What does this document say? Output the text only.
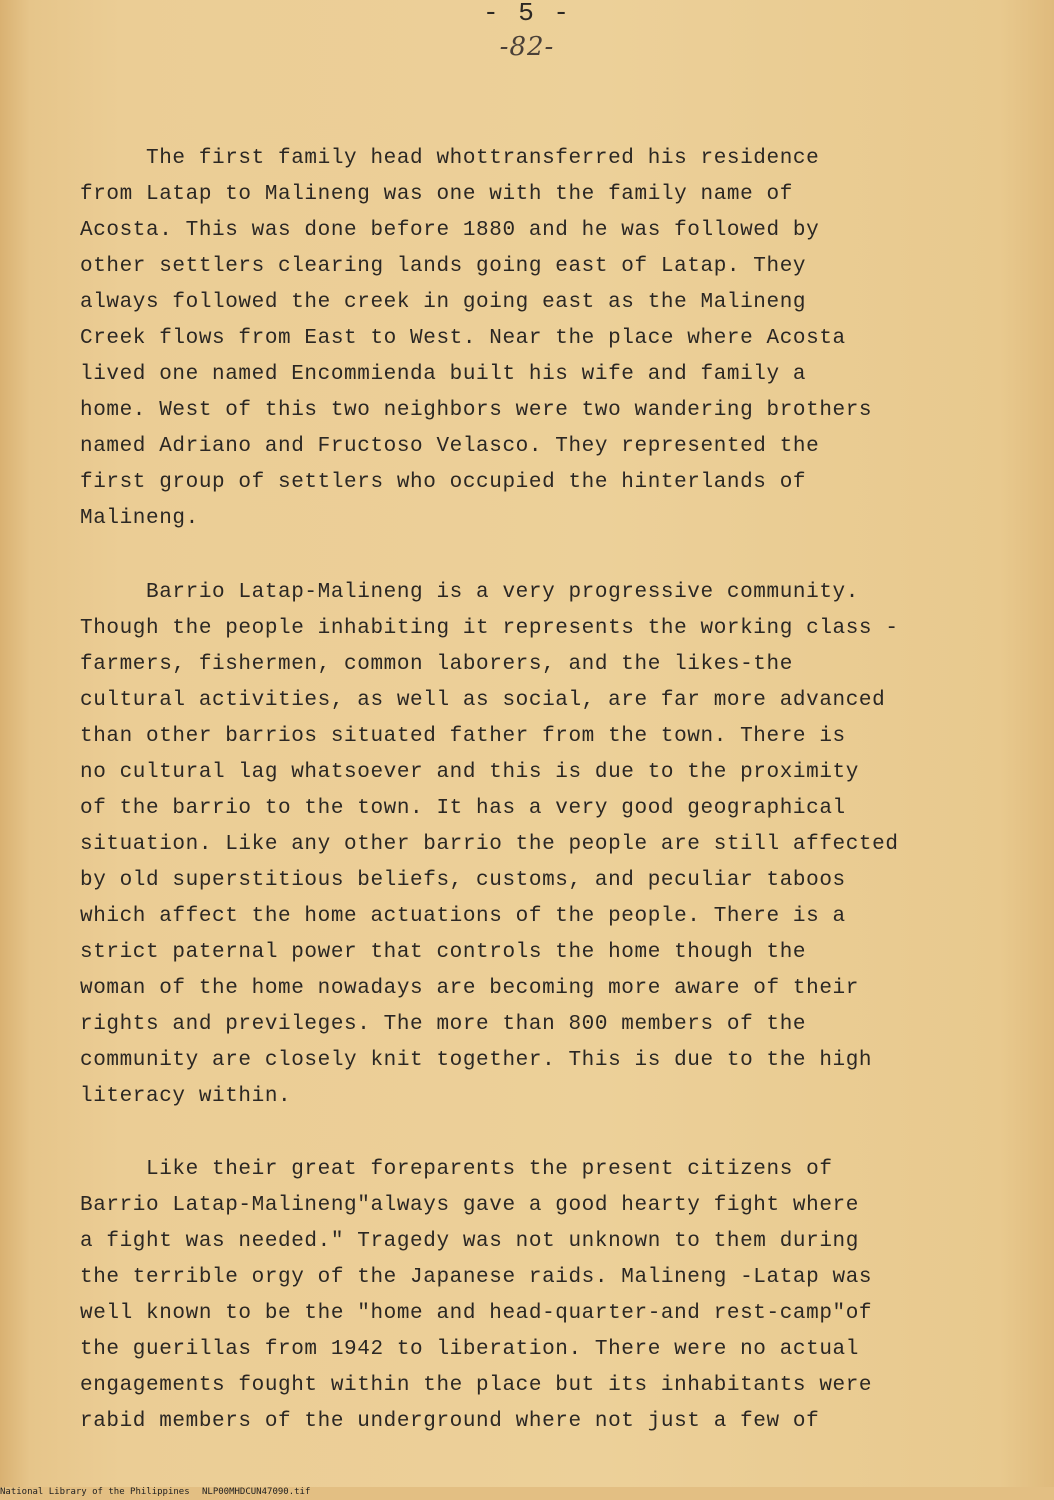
- 5 -
-82-
The first family head whottransferred his residence
from Latap to Malineng was one with the family name of
Acosta. This was done before 1880 and he was followed by
other settlers clearing lands going east of Latap. They
always followed the creek in going east as the Malineng
Creek flows from East to West. Near the place where Acosta
lived one named Encommienda built his wife and family a
home. West of this two neighbors were two wandering brothers
named Adriano and Fructoso Velasco. They represented the
first group of settlers who occupied the hinterlands of
Malineng.
Barrio Latap-Malineng is a very progressive community.
Though the people inhabiting it represents the working class -
farmers, fishermen, common laborers, and the likes-the
cultural activities, as well as social, are far more advanced
than other barrios situated father from the town. There is
no cultural lag whatsoever and this is due to the proximity
of the barrio to the town. It has a very good geographical
situation. Like any other barrio the people are still affected
by old superstitious beliefs, customs, and peculiar taboos
which affect the home actuations of the people. There is a
strict paternal power that controls the home though the
woman of the home nowadays are becoming more aware of their
rights and previleges. The more than 800 members of the
community are closely knit together. This is due to the high
literacy within.
Like their great foreparents the present citizens of
Barrio Latap-Malineng"always gave a good hearty fight where
a fight was needed." Tragedy was not unknown to them during
the terrible orgy of the Japanese raids. Malineng -Latap was
well known to be the "home and head-quarter-and rest-camp"of
the guerillas from 1942 to liberation. There were no actual
engagements fought within the place but its inhabitants were
rabid members of the underground where not just a few of
National Library of the Philippines NLP00MHDCUN47090.tif
